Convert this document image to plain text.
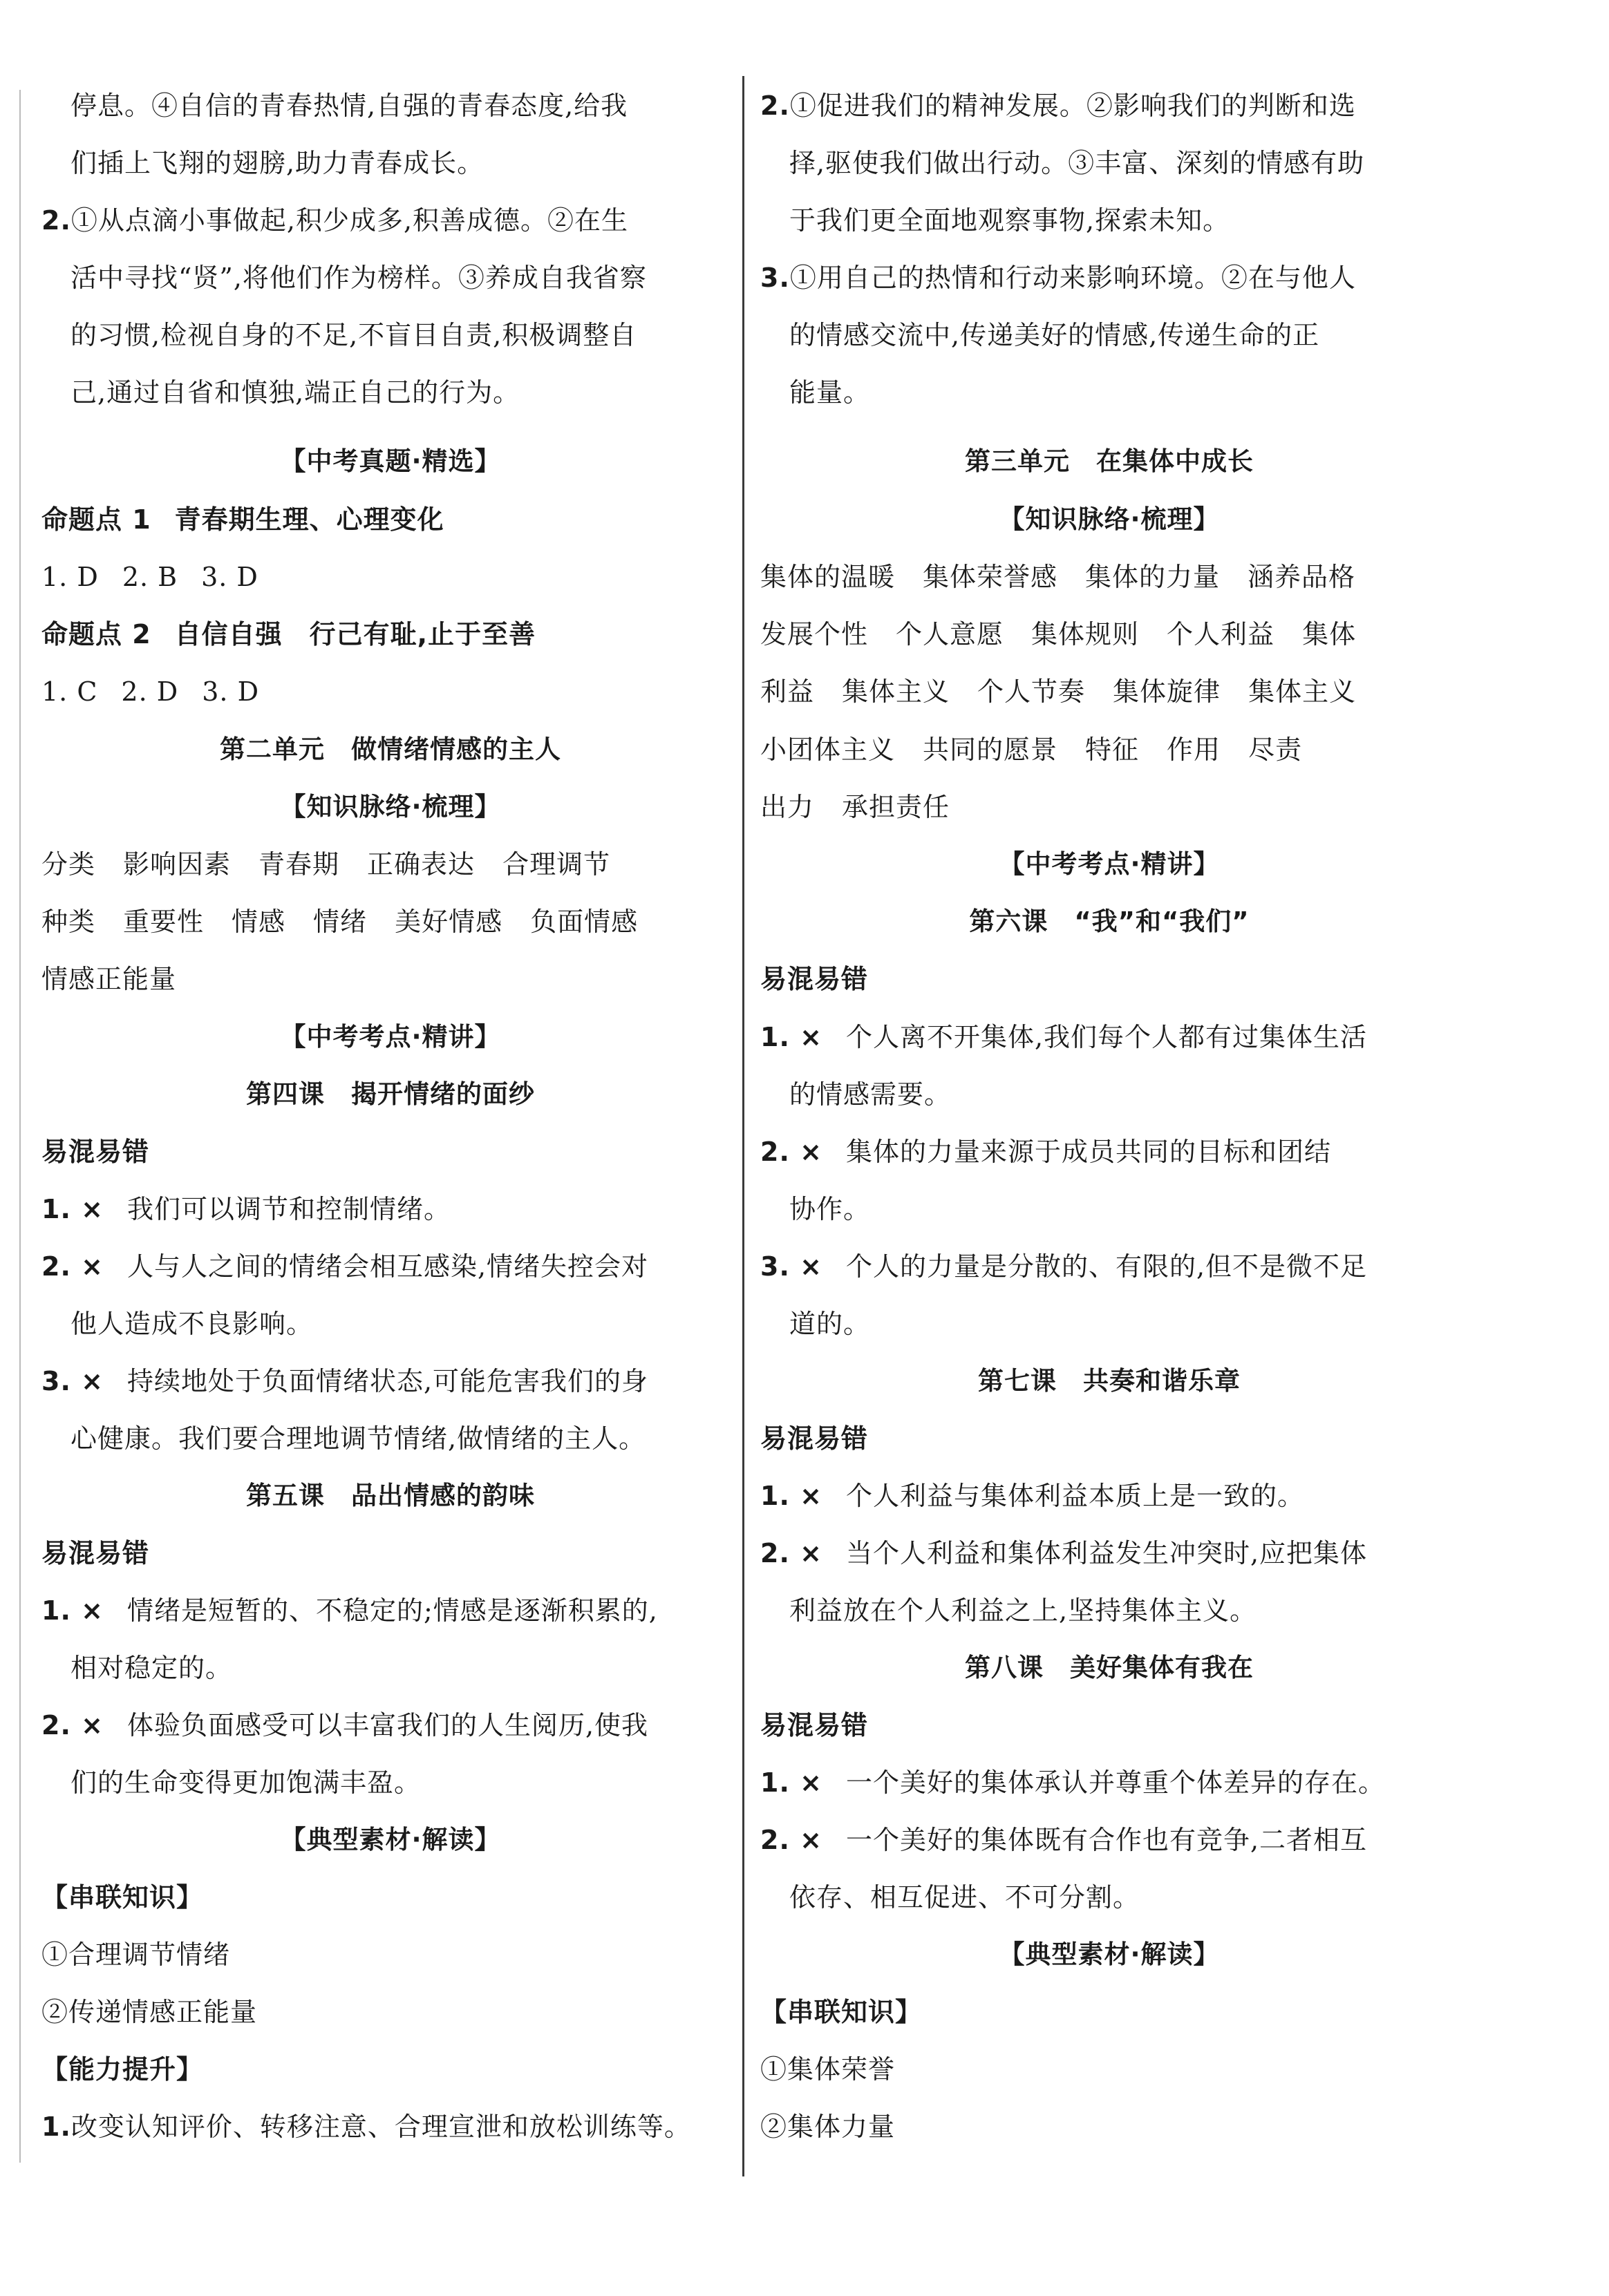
停息。④自信的青春热情,自强的青春态度,给我
们插上飞翔的翅膀,助力青春成长。
2.①从点滴小事做起,积少成多,积善成德。②在生
活中寻找“贤”,将他们作为榜样。③养成自我省察
的习惯,检视自身的不足,不盲目自责,积极调整自
己,通过自省和慎独,端正自己的行为。
【中考真题·精选】
命题点 1 青春期生理、心理变化
1. D 2. B 3. D
命题点 2 自信自强　行己有耻,止于至善
1. C 2. D 3. D
第二单元　做情绪情感的主人
【知识脉络·梳理】
分类 影响因素 青春期 正确表达 合理调节
种类 重要性 情感 情绪 美好情感 负面情感
情感正能量
【中考考点·精讲】
第四课　揭开情绪的面纱
易混易错
1. × 我们可以调节和控制情绪。
2. × 人与人之间的情绪会相互感染,情绪失控会对
他人造成不良影响。
3. × 持续地处于负面情绪状态,可能危害我们的身
心健康。我们要合理地调节情绪,做情绪的主人。
第五课　品出情感的韵味
易混易错
1. × 情绪是短暂的、不稳定的;情感是逐渐积累的,
相对稳定的。
2. × 体验负面感受可以丰富我们的人生阅历,使我
们的生命变得更加饱满丰盈。
【典型素材·解读】
【串联知识】
①合理调节情绪
②传递情感正能量
【能力提升】
1.改变认知评价、转移注意、合理宣泄和放松训练等。
2.①促进我们的精神发展。②影响我们的判断和选
择,驱使我们做出行动。③丰富、深刻的情感有助
于我们更全面地观察事物,探索未知。
3.①用自己的热情和行动来影响环境。②在与他人
的情感交流中,传递美好的情感,传递生命的正
能量。
第三单元　在集体中成长
【知识脉络·梳理】
集体的温暖 集体荣誉感 集体的力量 涵养品格
发展个性 个人意愿 集体规则 个人利益 集体
利益 集体主义 个人节奏 集体旋律 集体主义
小团体主义 共同的愿景 特征 作用 尽责
出力 承担责任
【中考考点·精讲】
第六课　“我”和“我们”
易混易错
1. × 个人离不开集体,我们每个人都有过集体生活
的情感需要。
2. × 集体的力量来源于成员共同的目标和团结
协作。
3. × 个人的力量是分散的、有限的,但不是微不足
道的。
第七课　共奏和谐乐章
易混易错
1. × 个人利益与集体利益本质上是一致的。
2. × 当个人利益和集体利益发生冲突时,应把集体
利益放在个人利益之上,坚持集体主义。
第八课　美好集体有我在
易混易错
1. × 一个美好的集体承认并尊重个体差异的存在。
2. × 一个美好的集体既有合作也有竞争,二者相互
依存、相互促进、不可分割。
【典型素材·解读】
【串联知识】
①集体荣誉
②集体力量
